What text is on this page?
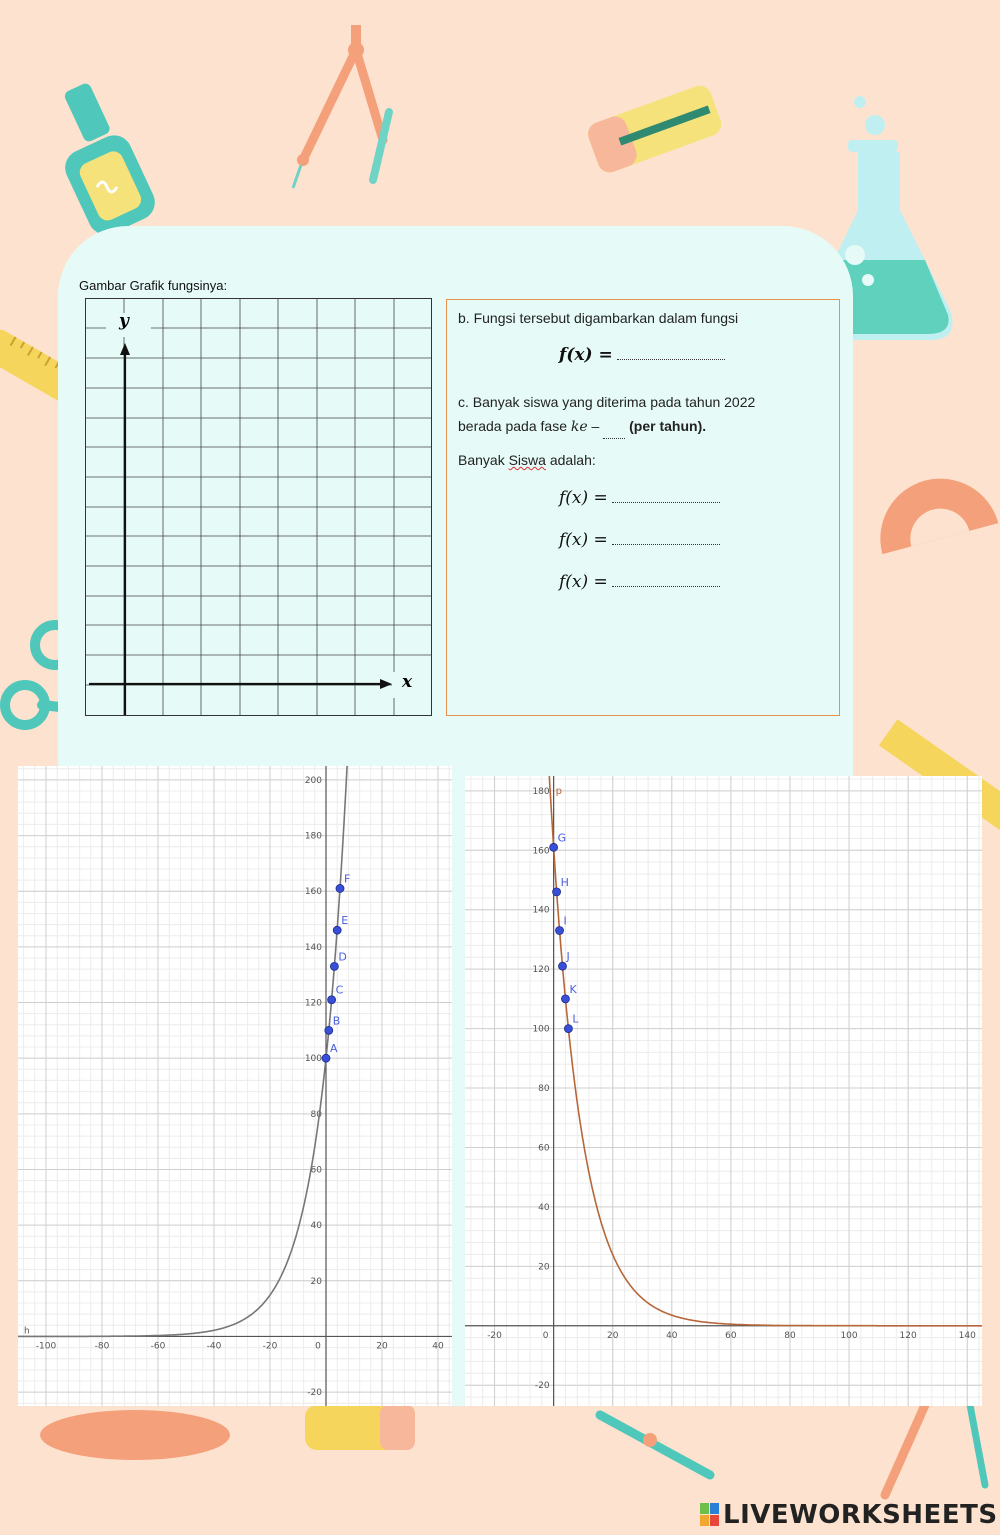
Gambar Grafik fungsinya:
y
x
b. Fungsi tersebut digambarkan dalam fungsi
f(x) =
c. Banyak siswa yang diterima pada tahun 2022
berada pada fase ke –   (per tahun).
Banyak Siswa adalah:
f(x) =
f(x) =
f(x) =
-100	-80	-60	-40	-20	0	20	40
-20
20
40
60
80
100
120
140
160
180
200
h
A
B
C
D
E
F
-20	0	20	40	60	80	100	120	140
-20
20
40
60
80
100
120
140
160
180 p
G
H
I
J
K
L
LIVEWORKSHEETS
